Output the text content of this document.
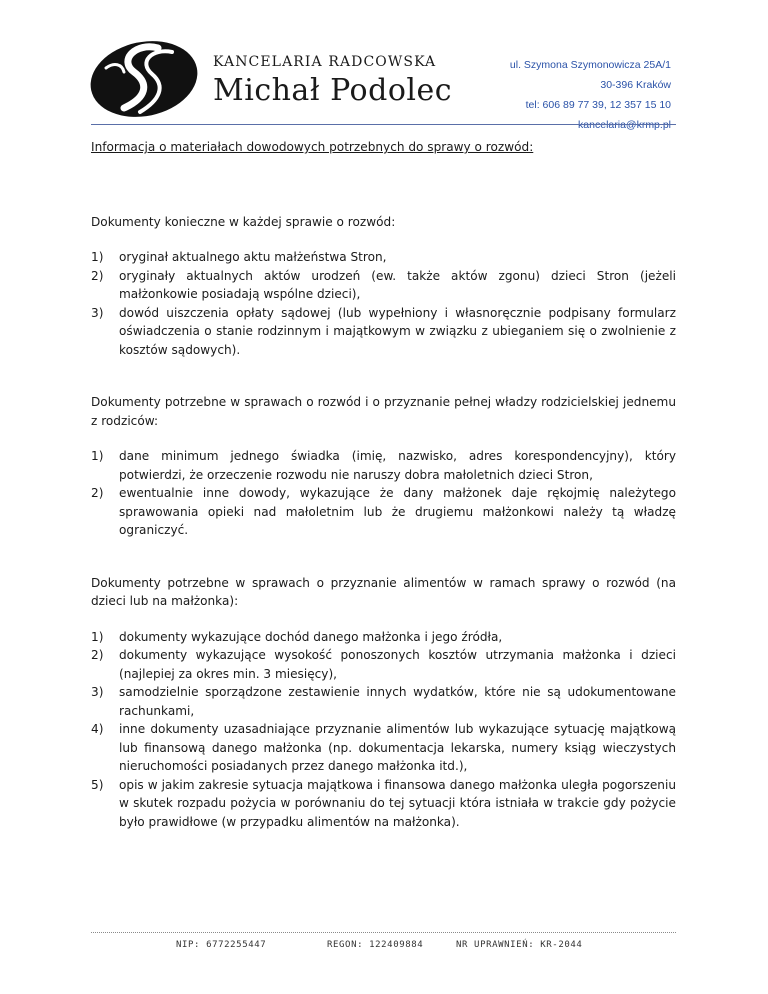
KANCELARIA RADCOWSKA
Michał Podolec
ul. Szymona Szymonowicza 25A/1
30-396 Kraków
tel: 606 89 77 39, 12 357 15 10
kancelaria@krmp.pl

Informacja o materiałach dowodowych potrzebnych do sprawy o rozwód:

Dokumenty konieczne w każdej sprawie o rozwód:

1) oryginał aktualnego aktu małżeństwa Stron,
2) oryginały aktualnych aktów urodzeń (ew. także aktów zgonu) dzieci Stron (jeżeli małżonkowie posiadają wspólne dzieci),
3) dowód uiszczenia opłaty sądowej (lub wypełniony i własnoręcznie podpisany formularz oświadczenia o stanie rodzinnym i majątkowym w związku z ubieganiem się o zwolnienie z kosztów sądowych).

Dokumenty potrzebne w sprawach o rozwód i o przyznanie pełnej władzy rodzicielskiej jednemu z rodziców:

1) dane minimum jednego świadka (imię, nazwisko, adres korespondencyjny), który potwierdzi, że orzeczenie rozwodu nie naruszy dobra małoletnich dzieci Stron,
2) ewentualnie inne dowody, wykazujące że dany małżonek daje rękojmię należytego sprawowania opieki nad małoletnim lub że drugiemu małżonkowi należy tą władzę ograniczyć.

Dokumenty potrzebne w sprawach o przyznanie alimentów w ramach sprawy o rozwód (na dzieci lub na małżonka):

1) dokumenty wykazujące dochód danego małżonka i jego źródła,
2) dokumenty wykazujące wysokość ponoszonych kosztów utrzymania małżonka i dzieci (najlepiej za okres min. 3 miesięcy),
3) samodzielnie sporządzone zestawienie innych wydatków, które nie są udokumentowane rachunkami,
4) inne dokumenty uzasadniające przyznanie alimentów lub wykazujące sytuację majątkową lub finansową danego małżonka (np. dokumentacja lekarska, numery ksiąg wieczystych nieruchomości posiadanych przez danego małżonka itd.),
5) opis w jakim zakresie sytuacja majątkowa i finansowa danego małżonka uległa pogorszeniu w skutek rozpadu pożycia w porównaniu do tej sytuacji która istniała w trakcie gdy pożycie było prawidłowe (w przypadku alimentów na małżonka).
NIP: 6772255447	REGON: 122409884	NR UPRAWNIEŃ: KR-2044
